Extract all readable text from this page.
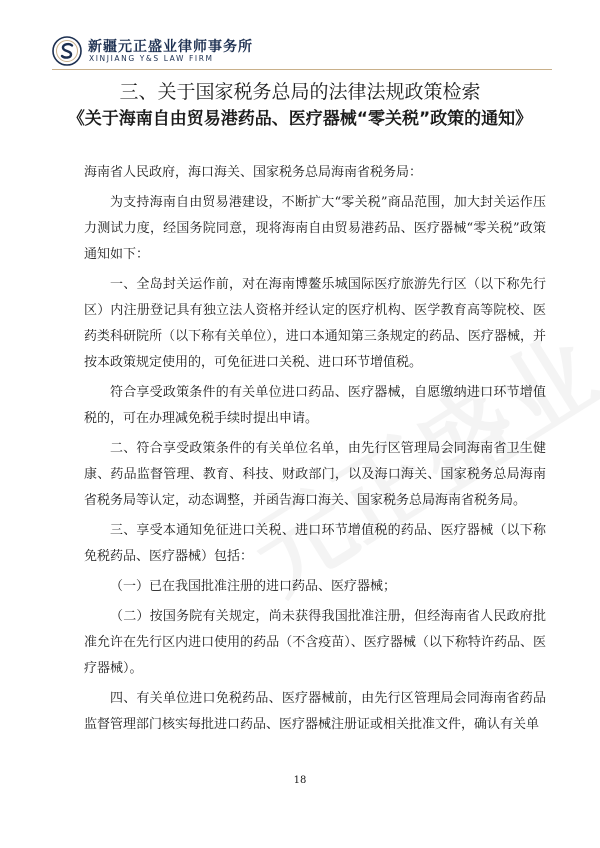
新疆元正盛业律师事务所
XINJIANG Y&S LAW FIRM
三、关于国家税务总局的法律法规政策检索
《关于海南自由贸易港药品、医疗器械“零关税”政策的通知》

海南省人民政府，海口海关、国家税务总局海南省税务局：

为支持海南自由贸易港建设，不断扩大“零关税”商品范围，加大封关运作压力测试力度，经国务院同意，现将海南自由贸易港药品、医疗器械“零关税”政策通知如下：

一、全岛封关运作前，对在海南博鳌乐城国际医疗旅游先行区（以下称先行区）内注册登记具有独立法人资格并经认定的医疗机构、医学教育高等院校、医药类科研院所（以下称有关单位），进口本通知第三条规定的药品、医疗器械，并按本政策规定使用的，可免征进口关税、进口环节增值税。

符合享受政策条件的有关单位进口药品、医疗器械，自愿缴纳进口环节增值税的，可在办理减免税手续时提出申请。

二、符合享受政策条件的有关单位名单，由先行区管理局会同海南省卫生健康、药品监督管理、教育、科技、财政部门，以及海口海关、国家税务总局海南省税务局等认定，动态调整，并函告海口海关、国家税务总局海南省税务局。

三、享受本通知免征进口关税、进口环节增值税的药品、医疗器械（以下称免税药品、医疗器械）包括：

（一）已在我国批准注册的进口药品、医疗器械；

（二）按国务院有关规定，尚未获得我国批准注册，但经海南省人民政府批准允许在先行区内进口使用的药品（不含疫苗）、医疗器械（以下称特许药品、医疗器械）。

四、有关单位进口免税药品、医疗器械前，由先行区管理局会同海南省药品监督管理部门核实每批进口药品、医疗器械注册证或相关批准文件，确认有关单

18
